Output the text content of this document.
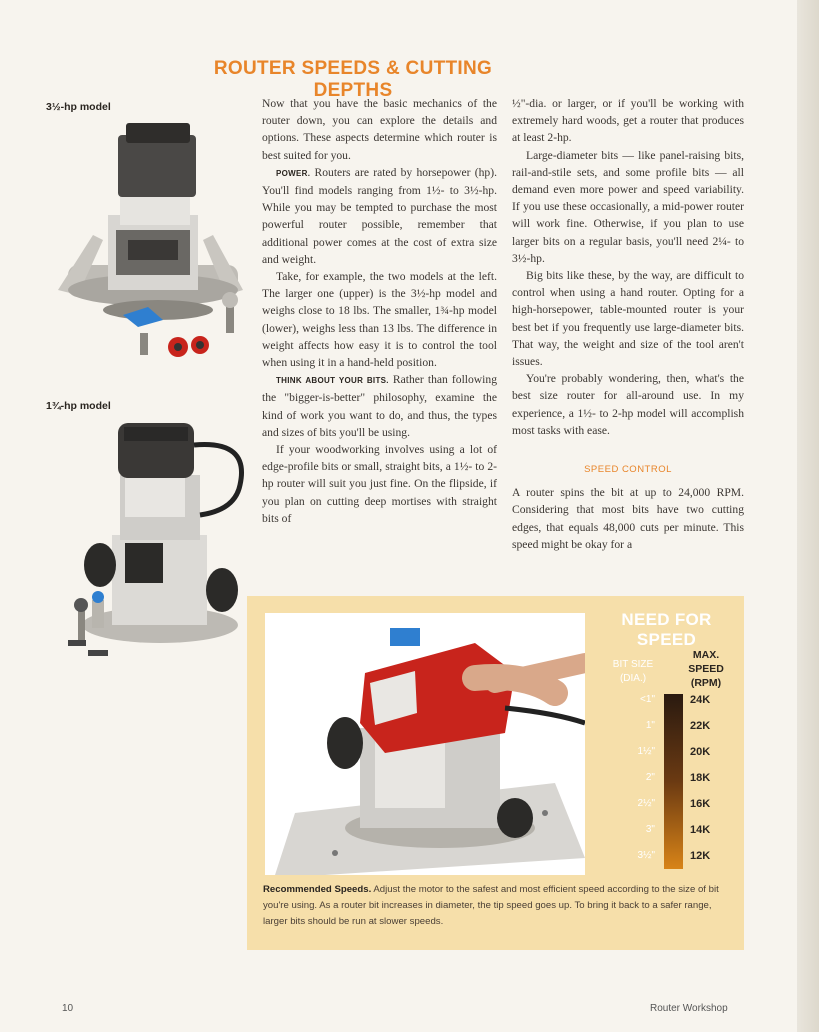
ROUTER SPEEDS & CUTTING DEPTHS
3½-hp model
1¾-hp model

Now that you have the basic mechanics of the router down, you can explore the details and options. These aspects determine which router is best suited for you.

POWER. Routers are rated by horsepower (hp). You'll find models ranging from 1½- to 3½-hp. While you may be tempted to purchase the most powerful router possible, remember that additional power comes at the cost of extra size and weight.

Take, for example, the two models at the left. The larger one (upper) is the 3½-hp model and weighs close to 18 lbs. The smaller, 1¾-hp model (lower), weighs less than 13 lbs. The difference in weight affects how easy it is to control the tool when using it in a hand-held position.

THINK ABOUT YOUR BITS. Rather than following the "bigger-is-better" philosophy, examine the kind of work you want to do, and thus, the types and sizes of bits you'll be using.

If your woodworking involves using a lot of edge-profile bits or small, straight bits, a 1½- to 2-hp router will suit you just fine. On the flipside, if you plan on cutting deep mortises with straight bits of

½"-dia. or larger, or if you'll be working with extremely hard woods, get a router that produces at least 2-hp.

Large-diameter bits — like panel-raising bits, rail-and-stile sets, and some profile bits — all demand even more power and speed variability. If you use these occasionally, a mid-power router will work fine. Otherwise, if you plan to use larger bits on a regular basis, you'll need 2¼- to 3½-hp.

Big bits like these, by the way, are difficult to control when using a hand router. Opting for a high-horsepower, table-mounted router is your best bet if you frequently use large-diameter bits. That way, the weight and size of the tool aren't issues.

You're probably wondering, then, what's the best size router for all-around use. In my experience, a 1½- to 2-hp model will accomplish most tasks with ease.

SPEED CONTROL

A router spins the bit at up to 24,000 RPM. Considering that most bits have two cutting edges, that equals 48,000 cuts per minute. This speed might be okay for a

NEED FOR SPEED
BIT SIZE
(DIA.)
MAX.
SPEED
(RPM)
<1"	24K
1"	22K
1½"	20K
2"	18K
2½"	16K
3"	14K
3½"	12K
Recommended Speeds. Adjust the motor to the safest and most efficient speed according to the size of bit you're using. As a router bit increases in diameter, the tip speed goes up. To bring it back to a safer range, larger bits should be run at slower speeds.
10	Router Workshop
